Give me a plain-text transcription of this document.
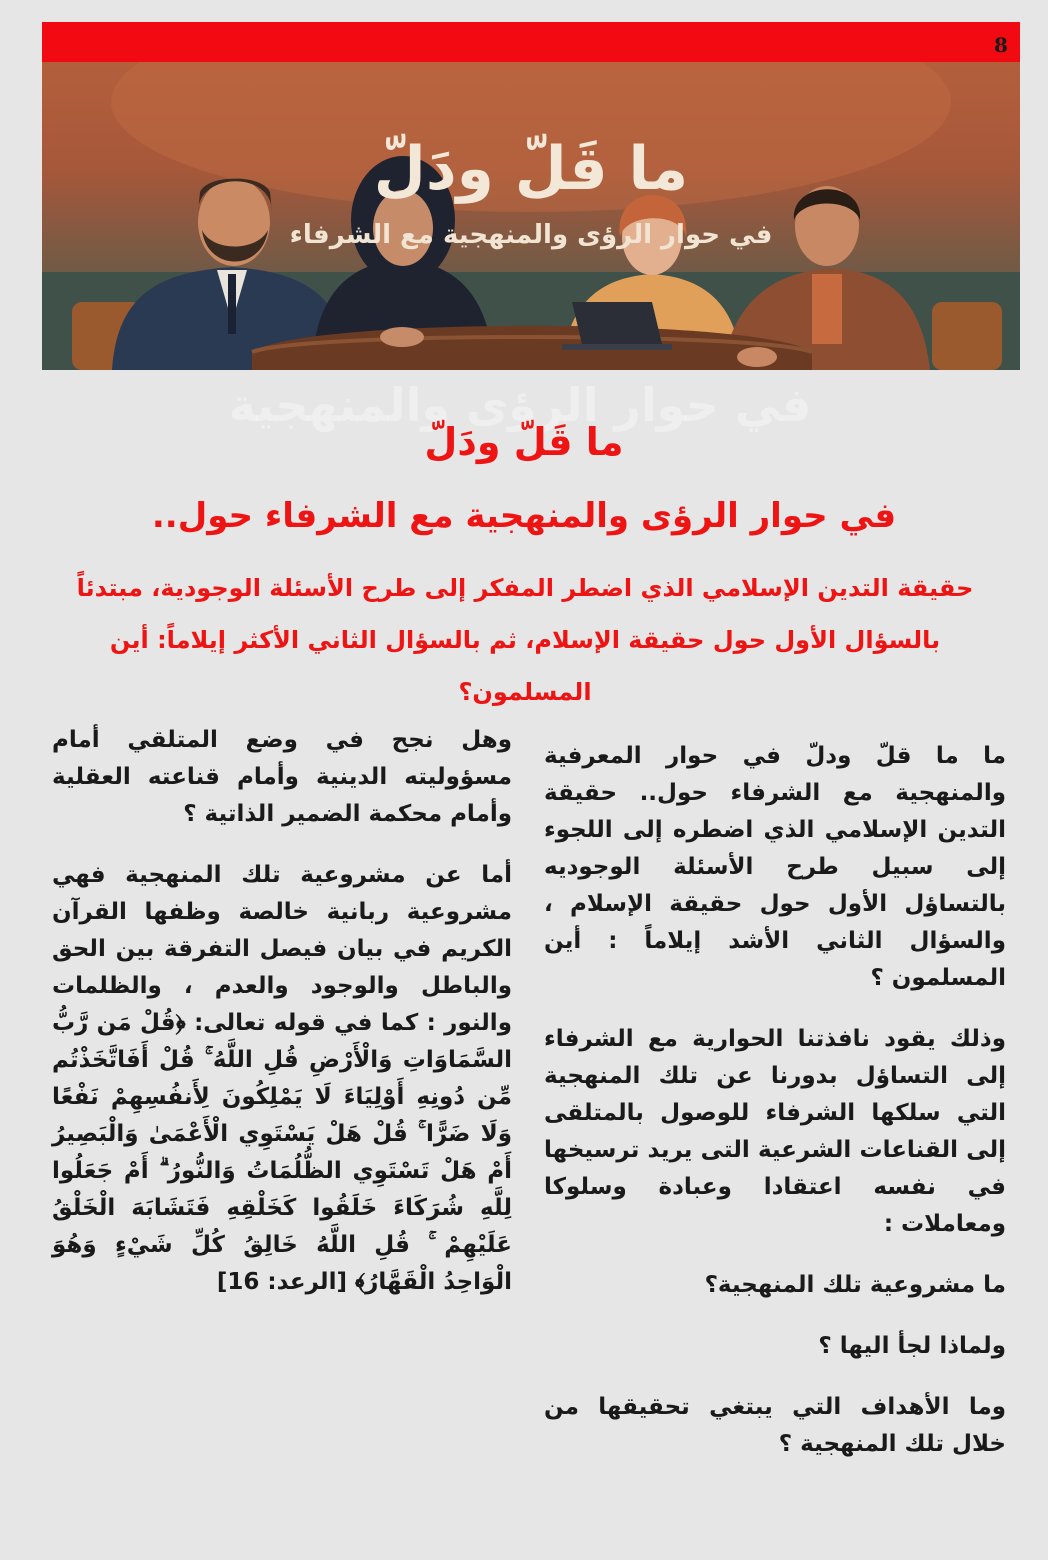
8
ما قَلّ ودَلّ
في حوار الرؤى والمنهجية مع الشرفاء
في حوار الرؤى والمنهجية
ما قَلّ ودَلّ
في حوار الرؤى والمنهجية مع الشرفاء حول..
حقيقة التدين الإسلامي الذي اضطر المفكر إلى طرح الأسئلة الوجودية، مبتدئاً
بالسؤال الأول حول حقيقة الإسلام، ثم بالسؤال الثاني الأكثر إيلاماً: أين المسلمون؟

ما ما قلّ ودلّ في حوار المعرفية والمنهجية مع الشرفاء حول.. حقيقة التدين الإسلامي الذي اضطره إلى اللجوء إلى سبيل طرح الأسئلة الوجوديه بالتساؤل الأول حول حقيقة الإسلام ، والسؤال الثاني الأشد إيلاماً : أين المسلمون ؟

وذلك يقود نافذتنا الحوارية مع الشرفاء إلى التساؤل بدورنا عن تلك المنهجية التي سلكها الشرفاء للوصول بالمتلقى إلى القناعات الشرعية التى يريد ترسيخها في نفسه اعتقادا وعبادة وسلوكا ومعاملات :

ما مشروعية تلك المنهجية؟

ولماذا لجأ اليها ؟

وما الأهداف التي يبتغي تحقيقها من خلال تلك المنهجية ؟

وهل نجح في وضع المتلقي أمام مسؤوليته الدينية وأمام قناعته العقلية وأمام محكمة الضمير الذاتية ؟

أما عن مشروعية تلك المنهجية فهي مشروعية ربانية خالصة وظفها القرآن الكريم في بيان فيصل التفرقة بين الحق والباطل والوجود والعدم ، والظلمات والنور : كما في قوله تعالى: ﴿قُلْ مَن رَّبُّ السَّمَاوَاتِ وَالْأَرْضِ قُلِ اللَّهُ ۚ قُلْ أَفَاتَّخَذْتُم مِّن دُونِهِ أَوْلِيَاءَ لَا يَمْلِكُونَ لِأَنفُسِهِمْ نَفْعًا وَلَا ضَرًّا ۚ قُلْ هَلْ يَسْتَوِي الْأَعْمَىٰ وَالْبَصِيرُ أَمْ هَلْ تَسْتَوِي الظُّلُمَاتُ وَالنُّورُ ۗ أَمْ جَعَلُوا لِلَّهِ شُرَكَاءَ خَلَقُوا كَخَلْقِهِ فَتَشَابَهَ الْخَلْقُ عَلَيْهِمْ ۚ قُلِ اللَّهُ خَالِقُ كُلِّ شَيْءٍ وَهُوَ الْوَاحِدُ الْقَهَّارُ﴾ [الرعد: 16]
